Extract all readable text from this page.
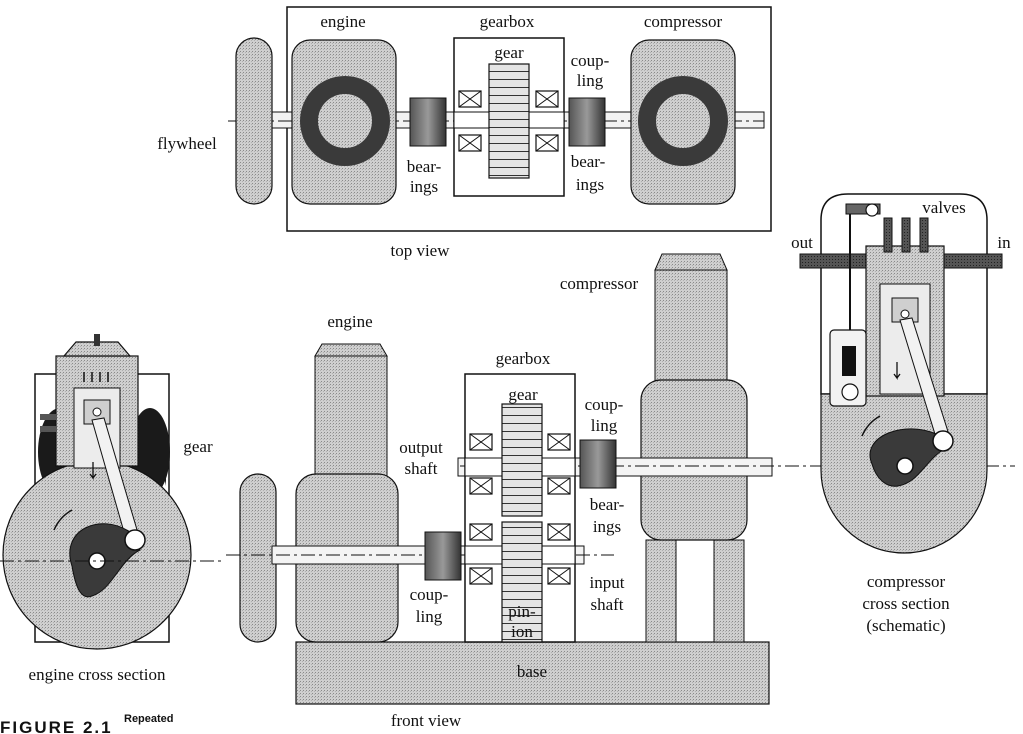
engine	gearbox	compressor
gear	coup-
ling
flywheel
bear-
ings
bear-
ings
top view
compressor
engine
gearbox
gear
coup-
ling
output
shaft
bear-
ings
input
shaft
coup-
ling	pin-
ion
base
front view
gear
engine cross section
valves
out	in
compressor
cross section
(schematic)
FIGURE 2.1 Repeated
